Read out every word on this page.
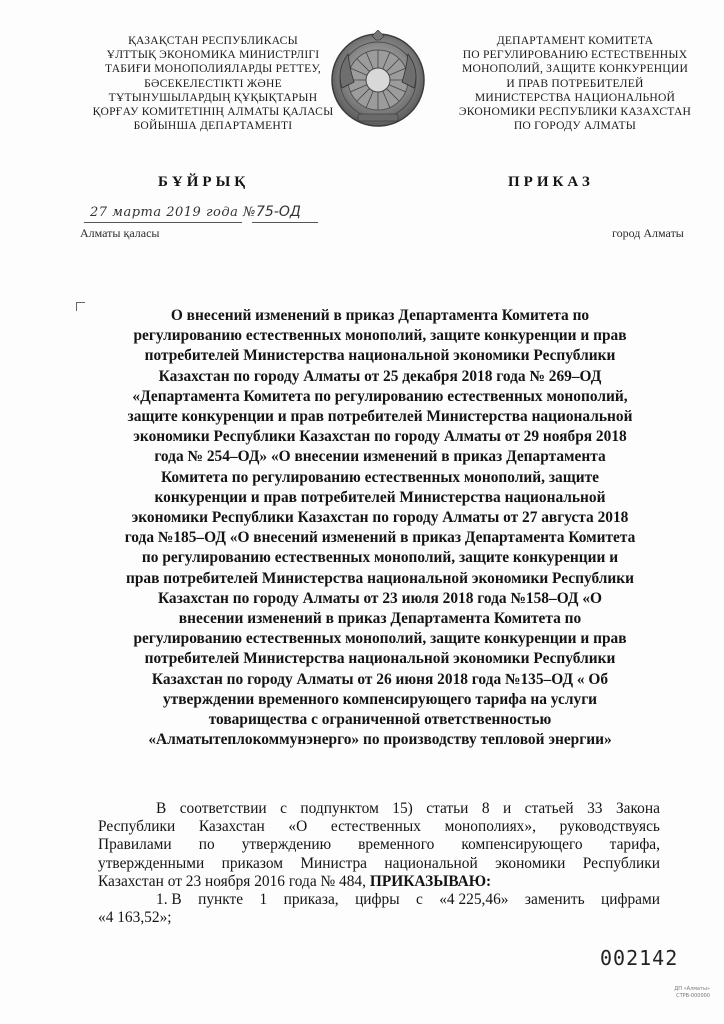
ҚАЗАҚСТАН РЕСПУБЛИКАСЫ
ҰЛТТЫҚ ЭКОНОМИКА МИНИСТРЛІГІ
ТАБИҒИ МОНОПОЛИЯЛАРДЫ РЕТТЕУ,
БӘСЕКЕЛЕСТІКТІ ЖӘНЕ
ТҰТЫНУШЫЛАРДЫҢ ҚҰҚЫҚТАРЫН
ҚОРҒАУ КОМИТЕТІНІҢ АЛМАТЫ ҚАЛАСЫ
БОЙЫНША ДЕПАРТАМЕНТІ
ДЕПАРТАМЕНТ КОМИТЕТА
ПО РЕГУЛИРОВАНИЮ ЕСТЕСТВЕННЫХ
МОНОПОЛИЙ, ЗАЩИТЕ КОНКУРЕНЦИИ
И ПРАВ ПОТРЕБИТЕЛЕЙ
МИНИСТЕРСТВА НАЦИОНАЛЬНОЙ
ЭКОНОМИКИ РЕСПУБЛИКИ КАЗАХСТАН
ПО ГОРОДУ АЛМАТЫ
БҰЙРЫҚ	ПРИКАЗ
27 марта 2019 года № 75-ОД
Алматы қаласы	город Алматы
О внесений изменений в приказ Департамента Комитета по
регулированию естественных монополий, защите конкуренции и прав
потребителей Министерства национальной экономики Республики
Казахстан по городу Алматы от 25 декабря 2018 года № 269–ОД
«Департамента Комитета по регулированию естественных монополий,
защите конкуренции и прав потребителей Министерства национальной
экономики Республики Казахстан по городу Алматы от 29 ноября 2018
года № 254–ОД» «О внесении изменений в приказ Департамента
Комитета по регулированию естественных монополий, защите
конкуренции и прав потребителей Министерства национальной
экономики Республики Казахстан по городу Алматы от 27 августа 2018
года №185–ОД «О внесений изменений в приказ Департамента Комитета
по регулированию естественных монополий, защите конкуренции и
прав потребителей Министерства национальной экономики Республики
Казахстан по городу Алматы от 23 июля 2018 года №158–ОД «О
внесении изменений в приказ Департамента Комитета по
регулированию естественных монополий, защите конкуренции и прав
потребителей Министерства национальной экономики Республики
Казахстан по городу Алматы от 26 июня 2018 года №135–ОД « Об
утверждении временного компенсирующего тарифа на услуги
товарищества с ограниченной ответственностью
«Алматытеплокоммунэнерго» по производству тепловой энергии»
В соответствии с подпунктом 15) статьи 8 и статьей 33 Закона
Республики Казахстан «О естественных монополиях», руководствуясь
Правилами по утверждению временного компенсирующего тарифа,
утвержденными приказом Министра национальной экономики Республики
Казахстан от 23 ноября 2016 года № 484,
ПРИКАЗЫВАЮ:
1. В пункте 1 приказа, цифры с «4 225,46» заменить цифрами
«4 163,52»;
002142
ДП «Алматы»
СТРВ-000000
